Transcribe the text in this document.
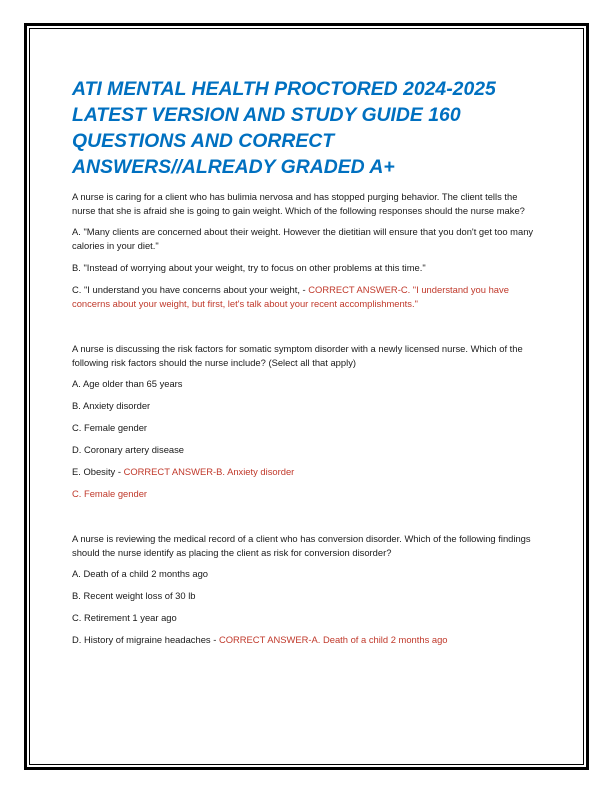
ATI MENTAL HEALTH PROCTORED 2024-2025
LATEST VERSION AND STUDY GUIDE 160
QUESTIONS AND CORRECT
ANSWERS//ALREADY GRADED A+

A nurse is caring for a client who has bulimia nervosa and has stopped purging behavior. The client tells the nurse that she is afraid she is going to gain weight. Which of the following responses should the nurse make?

A. "Many clients are concerned about their weight. However the dietitian will ensure that you don't get too many calories in your diet."

B. "Instead of worrying about your weight, try to focus on other problems at this time."

C. "I understand you have concerns about your weight, - CORRECT ANSWER-C. "I understand you have concerns about your weight, but first, let's talk about your recent accomplishments."

A nurse is discussing the risk factors for somatic symptom disorder with a newly licensed nurse. Which of the following risk factors should the nurse include? (Select all that apply)

A. Age older than 65 years

B. Anxiety disorder

C. Female gender

D. Coronary artery disease

E. Obesity - CORRECT ANSWER-B. Anxiety disorder

C. Female gender

A nurse is reviewing the medical record of a client who has conversion disorder. Which of the following findings should the nurse identify as placing the client as risk for conversion disorder?

A. Death of a child 2 months ago

B. Recent weight loss of 30 lb

C. Retirement 1 year ago

D. History of migraine headaches - CORRECT ANSWER-A. Death of a child 2 months ago
